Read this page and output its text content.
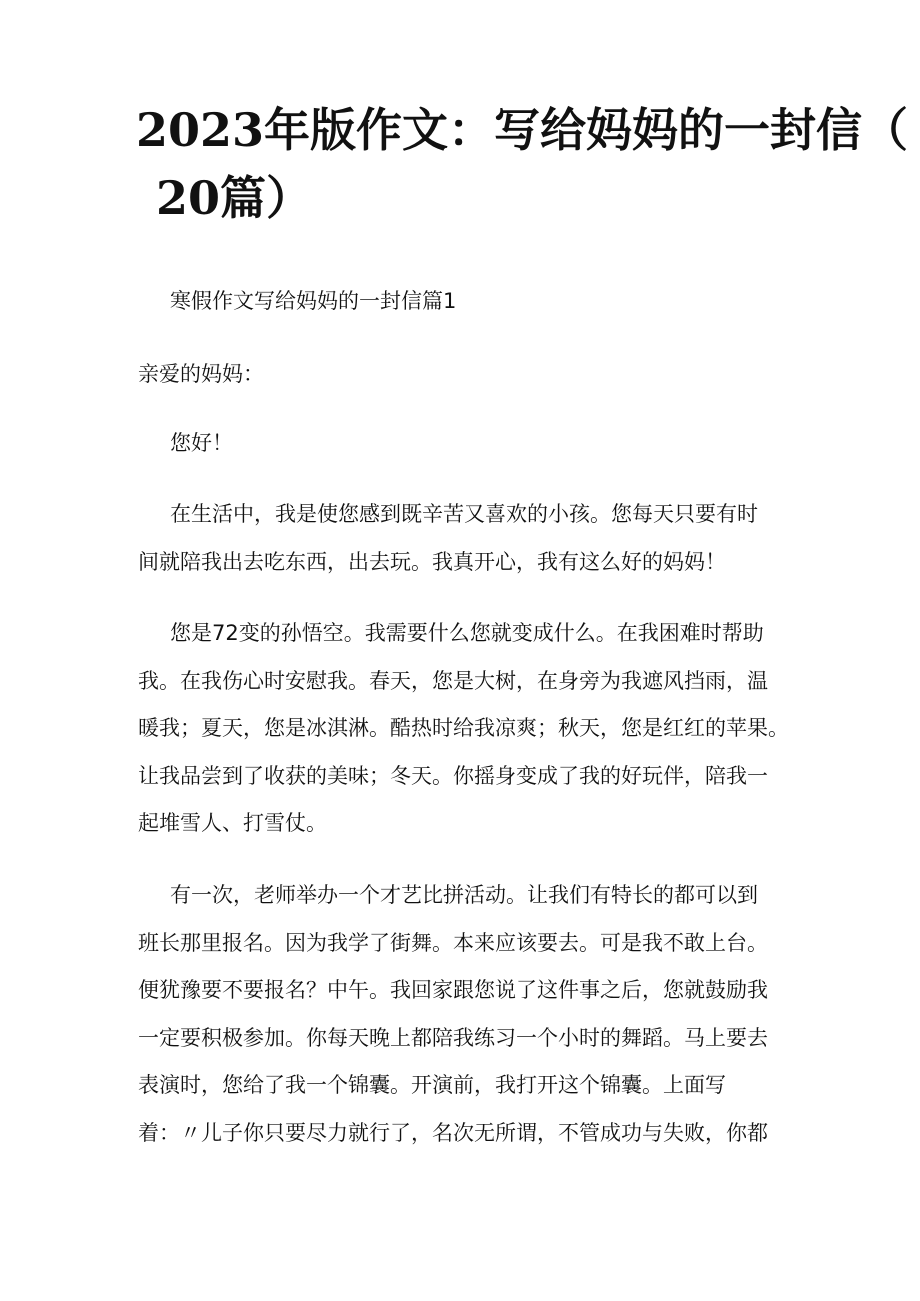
2023年版作文：写给妈妈的一封信（
20篇）

寒假作文写给妈妈的一封信篇1

亲爱的妈妈：

您好！

在生活中，我是使您感到既辛苦又喜欢的小孩。您每天只要有时
间就陪我出去吃东西，出去玩。我真开心，我有这么好的妈妈！

您是72变的孙悟空。我需要什么您就变成什么。在我困难时帮助
我。在我伤心时安慰我。春天，您是大树，在身旁为我遮风挡雨，温
暖我；夏天，您是冰淇淋。酷热时给我凉爽；秋天，您是红红的苹果。
让我品尝到了收获的美味；冬天。你摇身变成了我的好玩伴，陪我一
起堆雪人、打雪仗。

有一次，老师举办一个才艺比拼活动。让我们有特长的都可以到
班长那里报名。因为我学了街舞。本来应该要去。可是我不敢上台。
便犹豫要不要报名？中午。我回家跟您说了这件事之后，您就鼓励我
一定要积极参加。你每天晚上都陪我练习一个小时的舞蹈。马上要去
表演时，您给了我一个锦囊。开演前，我打开这个锦囊。上面写
着：〃儿子你只要尽力就行了，名次无所谓，不管成功与失败，你都
